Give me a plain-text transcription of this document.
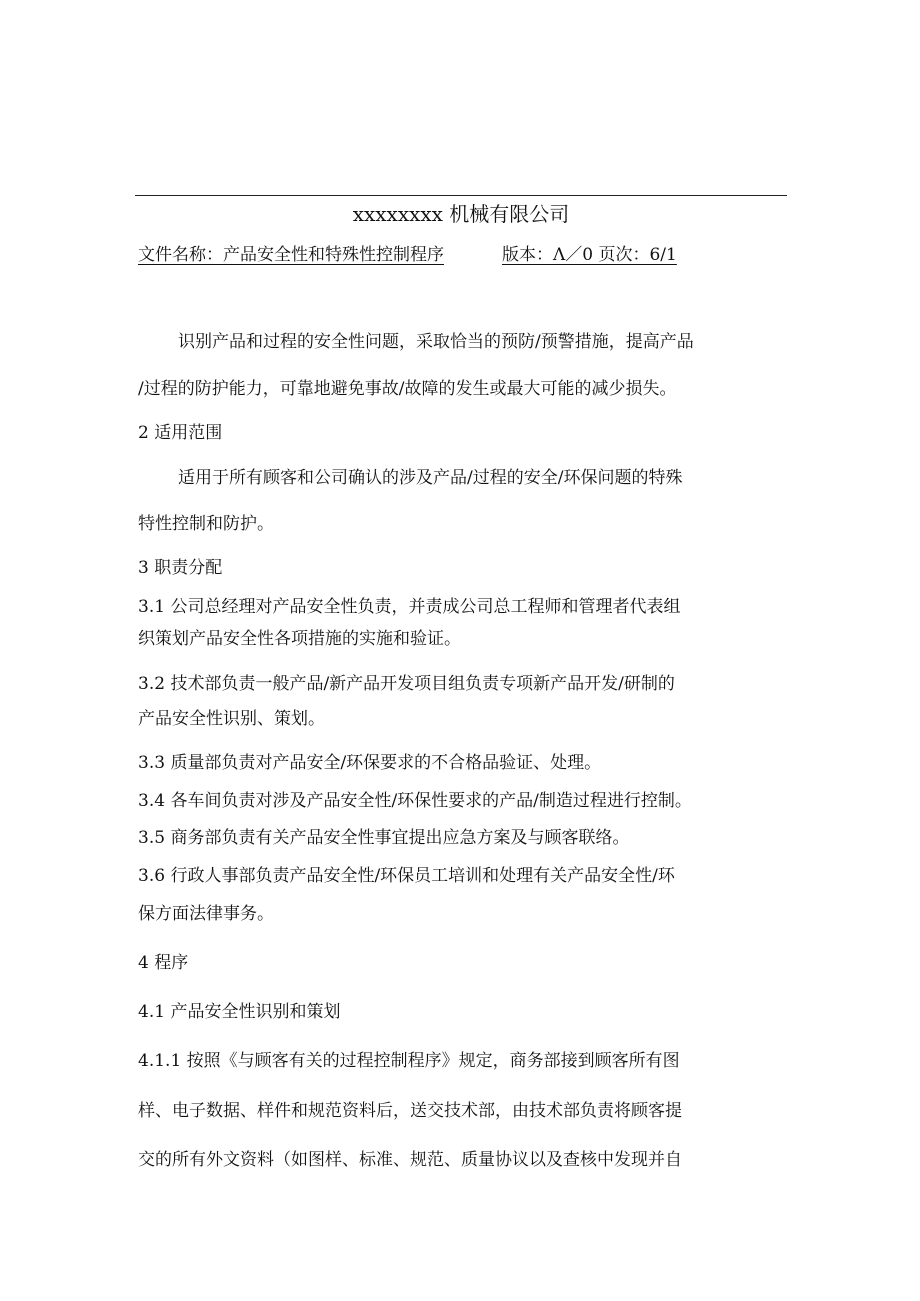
xxxxxxxx 机械有限公司
文件名称：产品安全性和特殊性控制程序	版本：Λ／0 页次：6/1
识别产品和过程的安全性问题，采取恰当的预防/预警措施，提高产品
/过程的防护能力，可靠地避免事故/故障的发生或最大可能的减少损失。
2 适用范围
适用于所有顾客和公司确认的涉及产品/过程的安全/环保问题的特殊
特性控制和防护。
3 职责分配
3.1 公司总经理对产品安全性负责，并责成公司总工程师和管理者代表组
织策划产品安全性各项措施的实施和验证。
3.2 技术部负责一般产品/新产品开发项目组负责专项新产品开发/研制的
产品安全性识别、策划。
3.3 质量部负责对产品安全/环保要求的不合格品验证、处理。
3.4 各车间负责对涉及产品安全性/环保性要求的产品/制造过程进行控制。
3.5 商务部负责有关产品安全性事宜提出应急方案及与顾客联络。
3.6 行政人事部负责产品安全性/环保员工培训和处理有关产品安全性/环
保方面法律事务。
4 程序
4.1 产品安全性识别和策划
4.1.1 按照《与顾客有关的过程控制程序》规定，商务部接到顾客所有图
样、电子数据、样件和规范资料后，送交技术部，由技术部负责将顾客提
交的所有外文资料（如图样、标准、规范、质量协议以及查核中发现并自
